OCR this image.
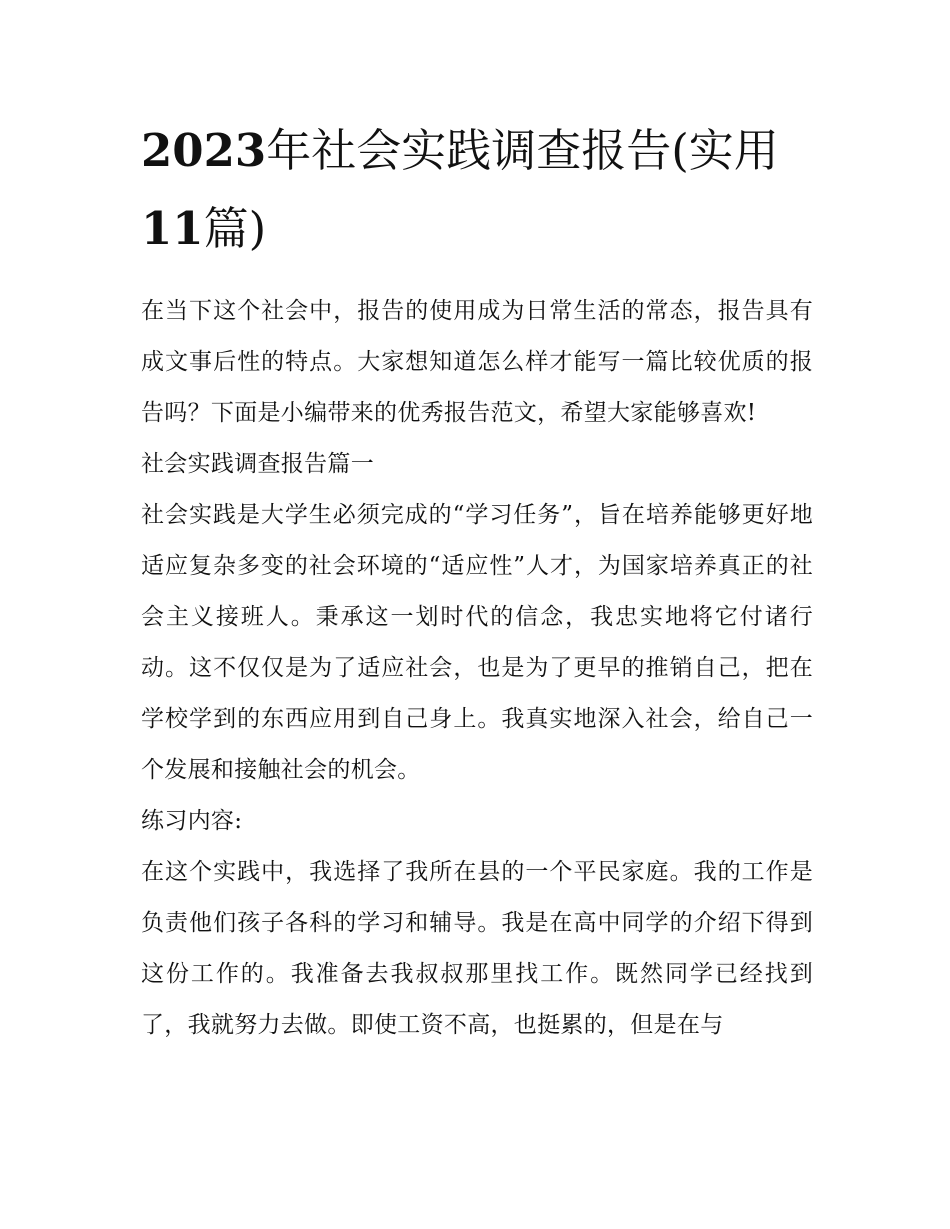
2023年社会实践调查报告(实用11篇)

在当下这个社会中，报告的使用成为日常生活的常态，报告具有成文事后性的特点。大家想知道怎么样才能写一篇比较优质的报告吗？下面是小编带来的优秀报告范文，希望大家能够喜欢!

社会实践调查报告篇一

社会实践是大学生必须完成的“学习任务”，旨在培养能够更好地适应复杂多变的社会环境的“适应性”人才，为国家培养真正的社会主义接班人。秉承这一划时代的信念，我忠实地将它付诸行动。这不仅仅是为了适应社会，也是为了更早的推销自己，把在学校学到的东西应用到自己身上。我真实地深入社会，给自己一个发展和接触社会的机会。

练习内容:

在这个实践中，我选择了我所在县的一个平民家庭。我的工作是负责他们孩子各科的学习和辅导。我是在高中同学的介绍下得到这份工作的。我准备去我叔叔那里找工作。既然同学已经找到了，我就努力去做。即使工资不高，也挺累的，但是在与
